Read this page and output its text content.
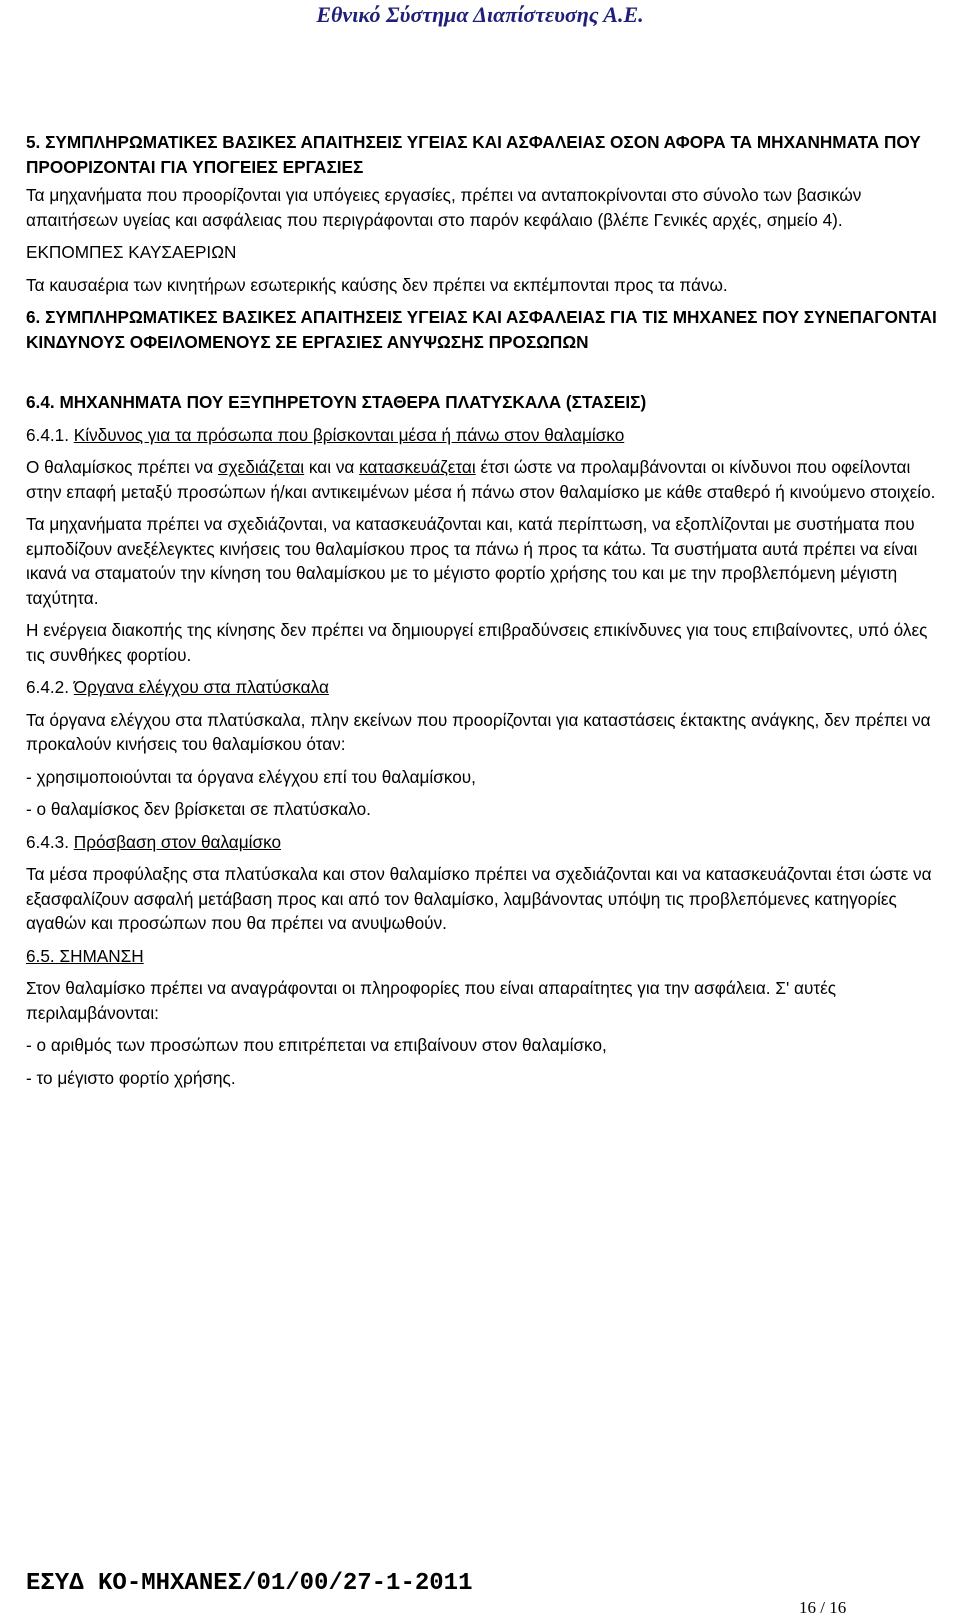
Εθνικό Σύστημα Διαπίστευσης Α.Ε.

5. ΣΥΜΠΛΗΡΩΜΑΤΙΚΕΣ ΒΑΣΙΚΕΣ ΑΠΑΙΤΗΣΕΙΣ ΥΓΕΙΑΣ ΚΑΙ ΑΣΦΑΛΕΙΑΣ ΟΣΟΝ ΑΦΟΡΑ ΤΑ ΜΗΧΑΝΗΜΑΤΑ ΠΟΥ ΠΡΟΟΡΙΖΟΝΤΑΙ ΓΙΑ ΥΠΟΓΕΙΕΣ ΕΡΓΑΣΙΕΣ

Τα μηχανήματα που προορίζονται για υπόγειες εργασίες, πρέπει να ανταποκρίνονται στο σύνολο των βασικών απαιτήσεων υγείας και ασφάλειας που περιγράφονται στο παρόν κεφάλαιο (βλέπε Γενικές αρχές, σημείο 4).

ΕΚΠΟΜΠΕΣ ΚΑΥΣΑΕΡΙΩΝ

Τα καυσαέρια των κινητήρων εσωτερικής καύσης δεν πρέπει να εκπέμπονται προς τα πάνω.

6. ΣΥΜΠΛΗΡΩΜΑΤΙΚΕΣ ΒΑΣΙΚΕΣ ΑΠΑΙΤΗΣΕΙΣ ΥΓΕΙΑΣ ΚΑΙ ΑΣΦΑΛΕΙΑΣ ΓΙΑ ΤΙΣ ΜΗΧΑΝΕΣ ΠΟΥ ΣΥΝΕΠΑΓΟΝΤΑΙ ΚΙΝΔΥΝΟΥΣ ΟΦΕΙΛΟΜΕΝΟΥΣ ΣΕ ΕΡΓΑΣΙΕΣ ΑΝΥΨΩΣΗΣ ΠΡΟΣΩΠΩΝ

6.4. ΜΗΧΑΝΗΜΑΤΑ ΠΟΥ ΕΞΥΠΗΡΕΤΟΥΝ ΣΤΑΘΕΡΑ ΠΛΑΤΥΣΚΑΛΑ (ΣΤΑΣΕΙΣ)

6.4.1. Κίνδυνος για τα πρόσωπα που βρίσκονται μέσα ή πάνω στον θαλαμίσκο

Ο θαλαμίσκος πρέπει να σχεδιάζεται και να κατασκευάζεται έτσι ώστε να προλαμβάνονται οι κίνδυνοι που οφείλονται στην επαφή μεταξύ προσώπων ή/και αντικειμένων μέσα ή πάνω στον θαλαμίσκο με κάθε σταθερό ή κινούμενο στοιχείο.

Τα μηχανήματα πρέπει να σχεδιάζονται, να κατασκευάζονται και, κατά περίπτωση, να εξοπλίζονται με συστήματα που εμποδίζουν ανεξέλεγκτες κινήσεις του θαλαμίσκου προς τα πάνω ή προς τα κάτω. Τα συστήματα αυτά πρέπει να είναι ικανά να σταματούν την κίνηση του θαλαμίσκου με το μέγιστο φορτίο χρήσης του και με την προβλεπόμενη μέγιστη ταχύτητα.

Η ενέργεια διακοπής της κίνησης δεν πρέπει να δημιουργεί επιβραδύνσεις επικίνδυνες για τους επιβαίνοντες, υπό όλες τις συνθήκες φορτίου.

6.4.2. Όργανα ελέγχου στα πλατύσκαλα

Τα όργανα ελέγχου στα πλατύσκαλα, πλην εκείνων που προορίζονται για καταστάσεις έκτακτης ανάγκης, δεν πρέπει να προκαλούν κινήσεις του θαλαμίσκου όταν:

- χρησιμοποιούνται τα όργανα ελέγχου επί του θαλαμίσκου,

- ο θαλαμίσκος δεν βρίσκεται σε πλατύσκαλο.

6.4.3. Πρόσβαση στον θαλαμίσκο

Τα μέσα προφύλαξης στα πλατύσκαλα και στον θαλαμίσκο πρέπει να σχεδιάζονται και να κατασκευάζονται έτσι ώστε να εξασφαλίζουν ασφαλή μετάβαση προς και από τον θαλαμίσκο, λαμβάνοντας υπόψη τις προβλεπόμενες κατηγορίες αγαθών και προσώπων που θα πρέπει να ανυψωθούν.

6.5. ΣΗΜΑΝΣΗ

Στον θαλαμίσκο πρέπει να αναγράφονται οι πληροφορίες που είναι απαραίτητες για την ασφάλεια. Σ' αυτές περιλαμβάνονται:

- ο αριθμός των προσώπων που επιτρέπεται να επιβαίνουν στον θαλαμίσκο,

- το μέγιστο φορτίο χρήσης.

ΕΣΥΔ ΚΟ-ΜΗΧΑΝΕΣ/01/00/27-1-2011
16 / 16
